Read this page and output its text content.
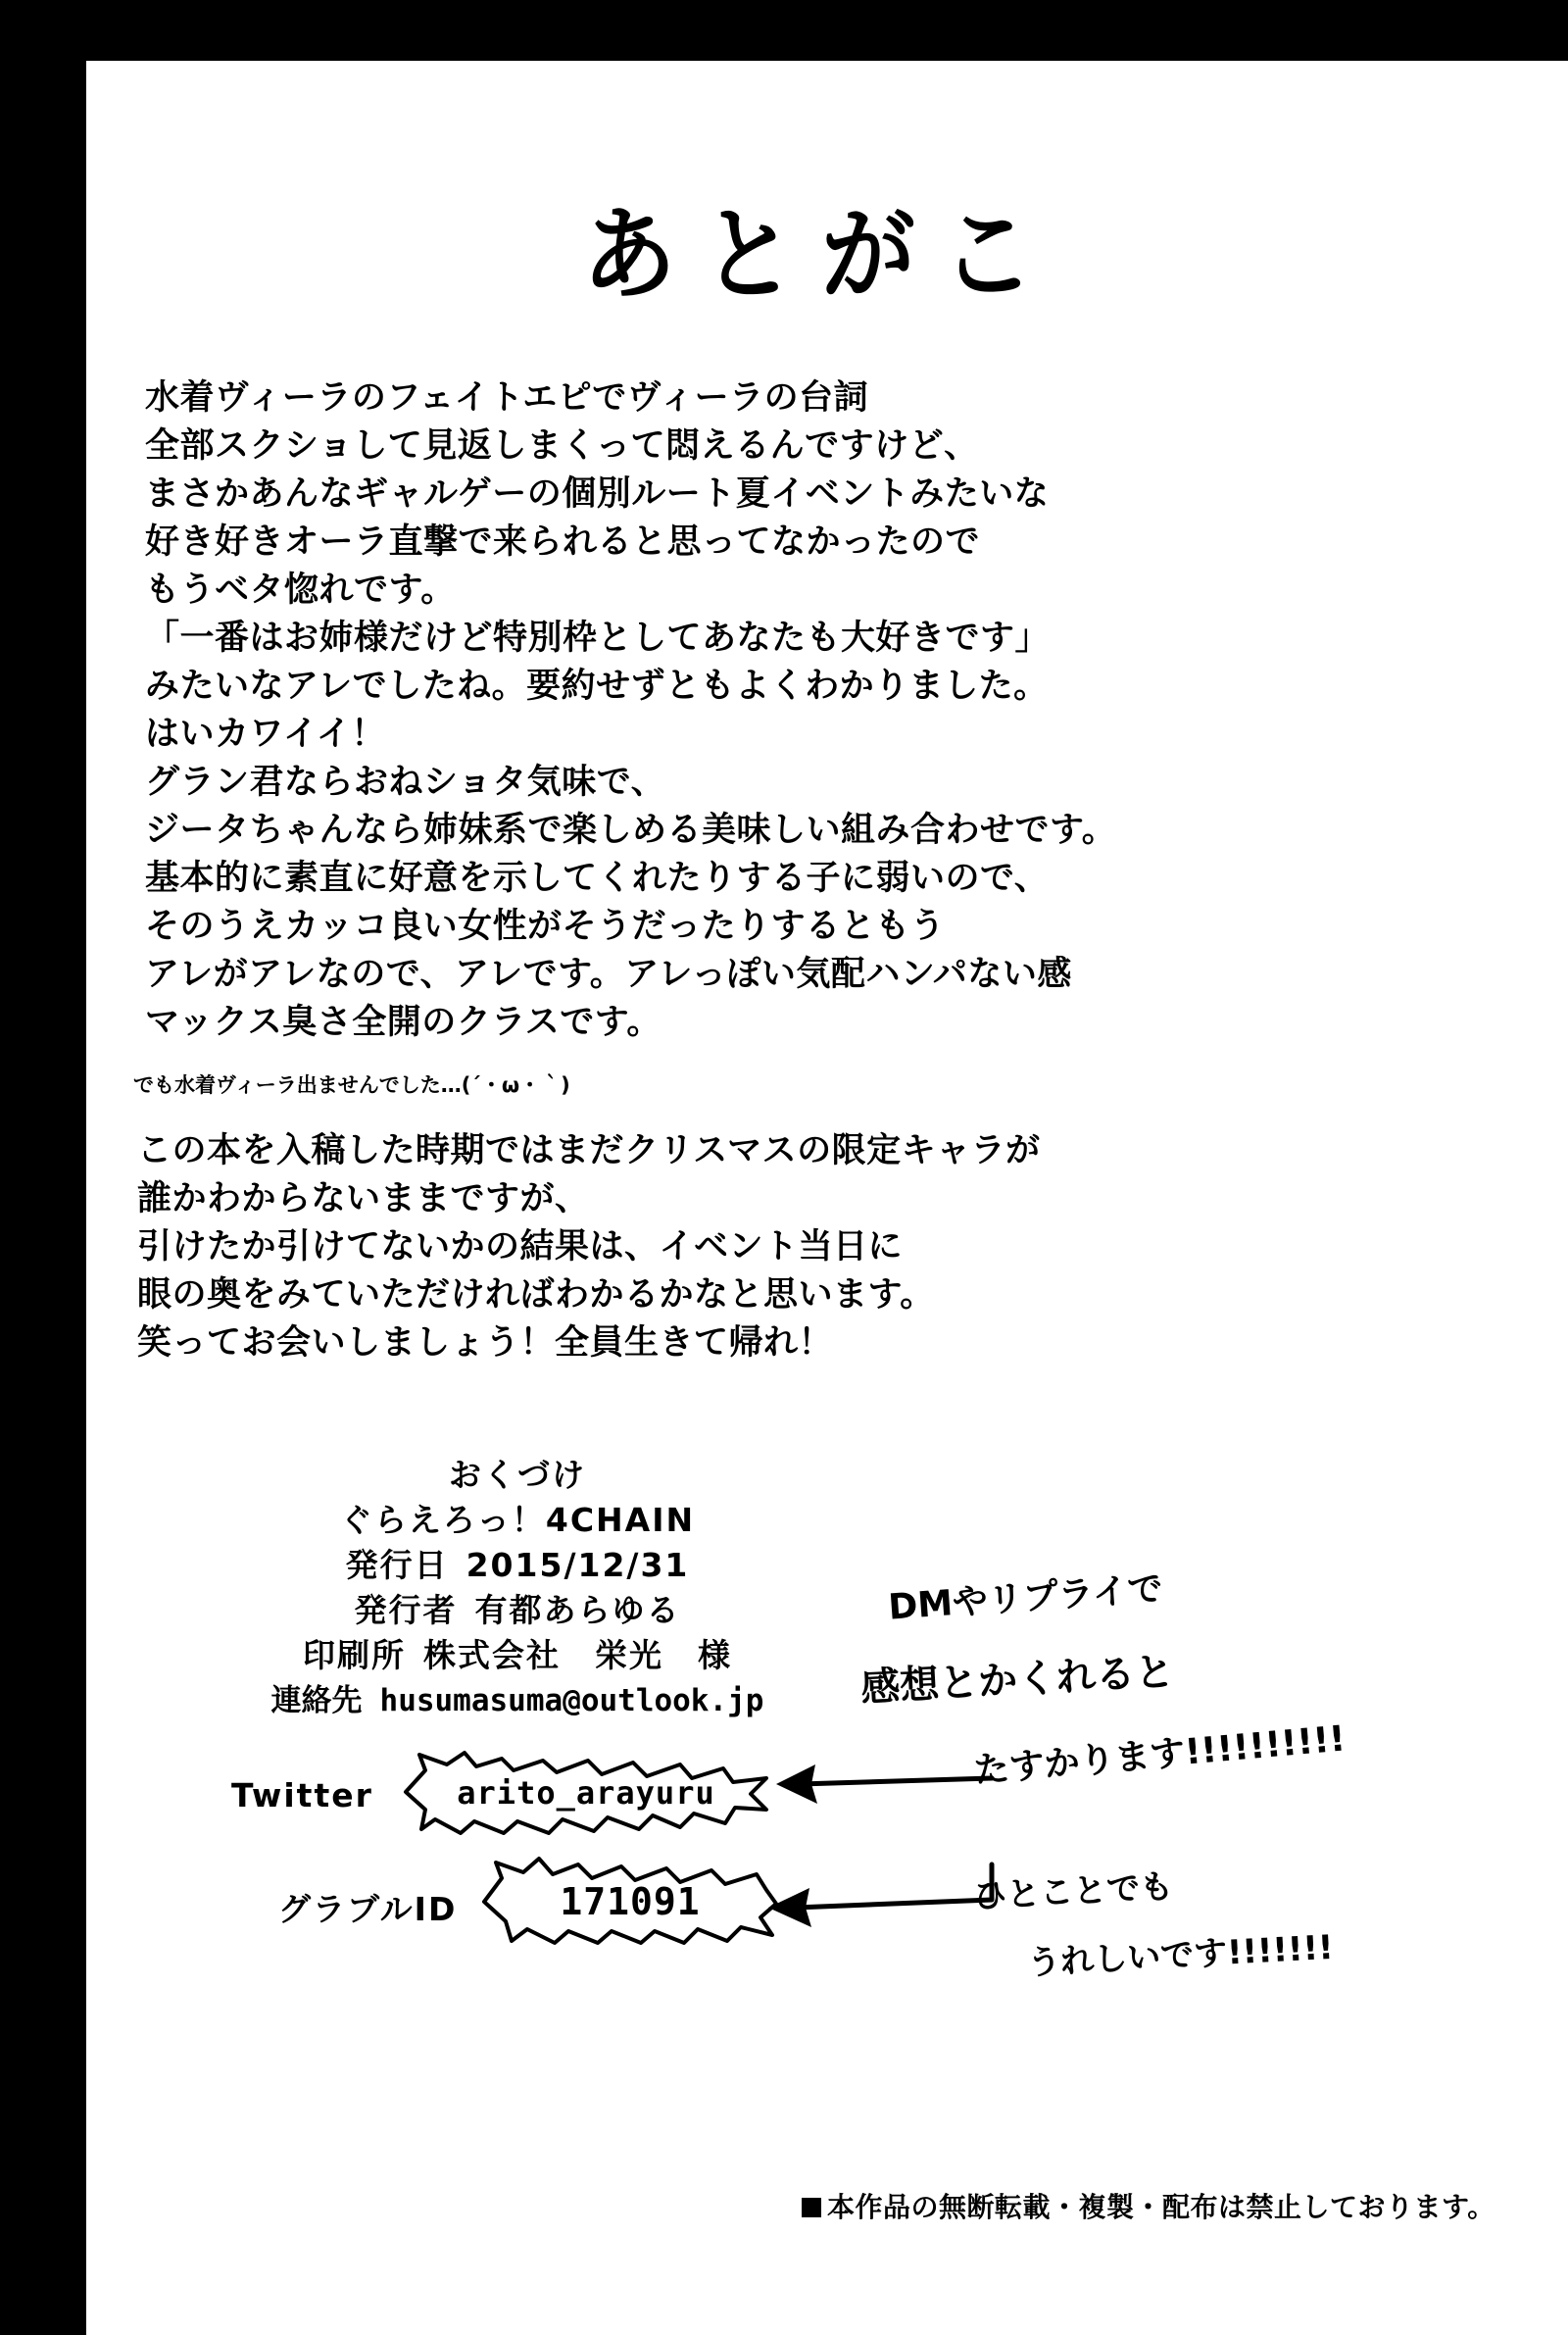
あとがこ

水着ヴィーラのフェイトエピでヴィーラの台詞

全部スクショして見返しまくって悶えるんですけど、

まさかあんなギャルゲーの個別ルート夏イベントみたいな

好き好きオーラ直撃で来られると思ってなかったので

もうベタ惚れです。

「一番はお姉様だけど特別枠としてあなたも大好きです」

みたいなアレでしたね。要約せずともよくわかりました。

はいカワイイ！

グラン君ならおねショタ気味で、

ジータちゃんなら姉妹系で楽しめる美味しい組み合わせです。

基本的に素直に好意を示してくれたりする子に弱いので、

そのうえカッコ良い女性がそうだったりするともう

アレがアレなので、アレです。アレっぽい気配ハンパない感

マックス臭さ全開のクラスです。

でも水着ヴィーラ出ませんでした…(´・ω・｀)

この本を入稿した時期ではまだクリスマスの限定キャラが

誰かわからないままですが、

引けたか引けてないかの結果は、イベント当日に

眼の奥をみていただければわかるかなと思います。

笑ってお会いしましょう！全員生きて帰れ！

おくづけ
ぐらえろっ！4CHAIN
発行日 2015/12/31
発行者 有都あらゆる
印刷所 株式会社　栄光　様
連絡先 husumasuma@outlook.jp
Twitter	arito_arayuru
グラブルID	171091
DMやリプライで
感想とかくれると
たすかります!!!!!!!!!!
ひとことでも
うれしいです!!!!!!!
本作品の無断転載・複製・配布は禁止しております。
